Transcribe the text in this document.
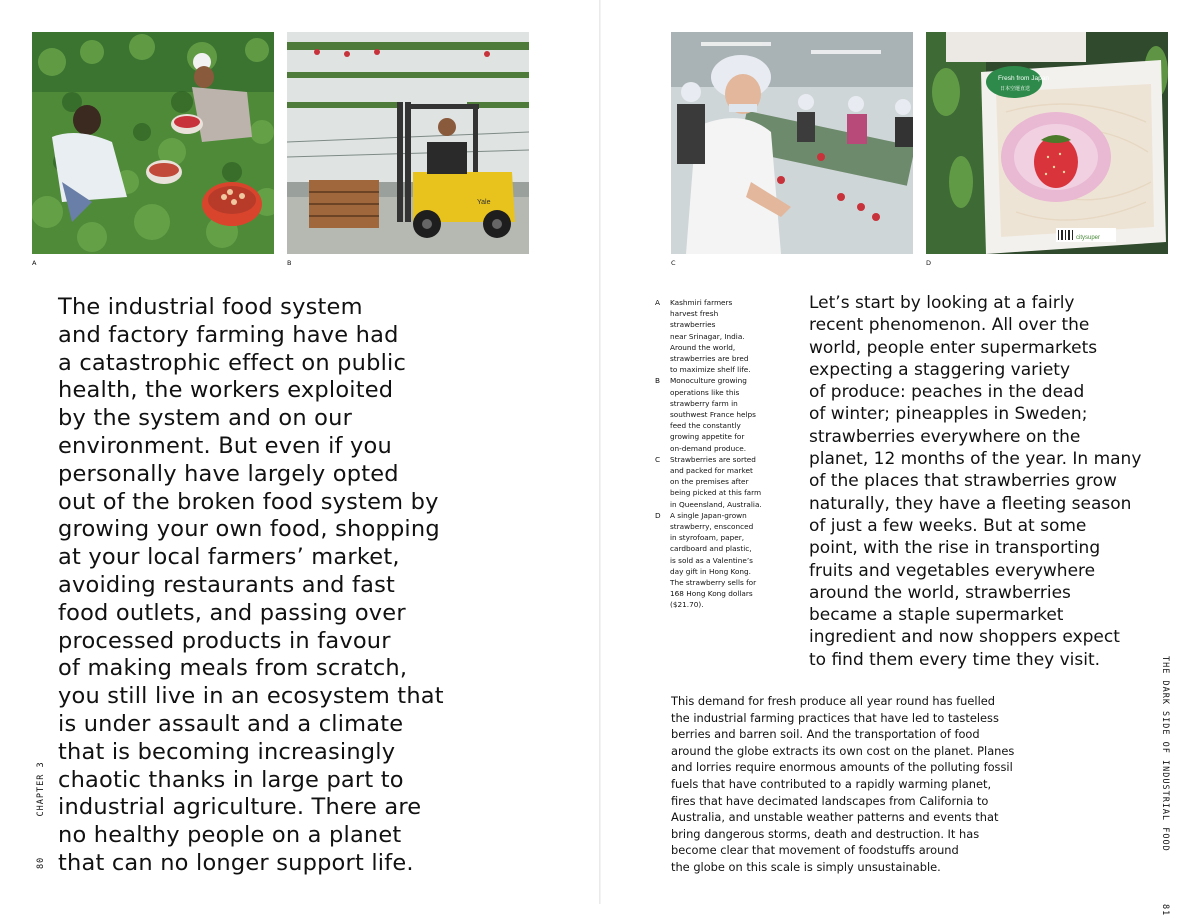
A
Yale
B	C
Fresh from Japan
日本空運直送
citysuper
D
The industrial food system
and factory farming have had
a catastrophic effect on public
health, the workers exploited
by the system and on our
environment. But even if you
personally have largely opted
out of the broken food system by
growing your own food, shopping
at your local farmers’ market,
avoiding restaurants and fast
food outlets, and passing over
processed products in favour
of making meals from scratch,
you still live in an ecosystem that
is under assault and a climate
that is becoming increasingly
chaotic thanks in large part to
industrial agriculture. There are
no healthy people on a planet
that can no longer support life.
80  CHAPTER 3
A	Kashmiri farmers
harvest fresh strawberries
near Srinagar, India.
Around the world,
strawberries are bred
to maximize shelf life.
B	Monoculture growing
operations like this
strawberry farm in
southwest France helps
feed the constantly
growing appetite for
on-demand produce.
C	Strawberries are sorted
and packed for market
on the premises after
being picked at this farm
in Queensland, Australia.
D	A single Japan-grown
strawberry, ensconced
in styrofoam, paper,
cardboard and plastic,
is sold as a Valentine’s
day gift in Hong Kong.
The strawberry sells for
168 Hong Kong dollars
($21.70).
Let’s start by looking at a fairly
recent phenomenon. All over the
world, people enter supermarkets
expecting a staggering variety
of produce: peaches in the dead
of winter; pineapples in Sweden;
strawberries everywhere on the
planet, 12 months of the year. In many
of the places that strawberries grow
naturally, they have a fleeting season
of just a few weeks. But at some
point, with the rise in transporting
fruits and vegetables everywhere
around the world, strawberries
became a staple supermarket
ingredient and now shoppers expect
to find them every time they visit.
This demand for fresh produce all year round has fuelled
the industrial farming practices that have led to tasteless
berries and barren soil. And the transportation of food
around the globe extracts its own cost on the planet. Planes
and lorries require enormous amounts of the polluting fossil
fuels that have contributed to a rapidly warming planet,
fires that have decimated landscapes from California to
Australia, and unstable weather patterns and events that
bring dangerous storms, death and destruction. It has
become clear that movement of foodstuffs around
the globe on this scale is simply unsustainable.
THE DARK SIDE OF INDUSTRIAL FOOD  81
